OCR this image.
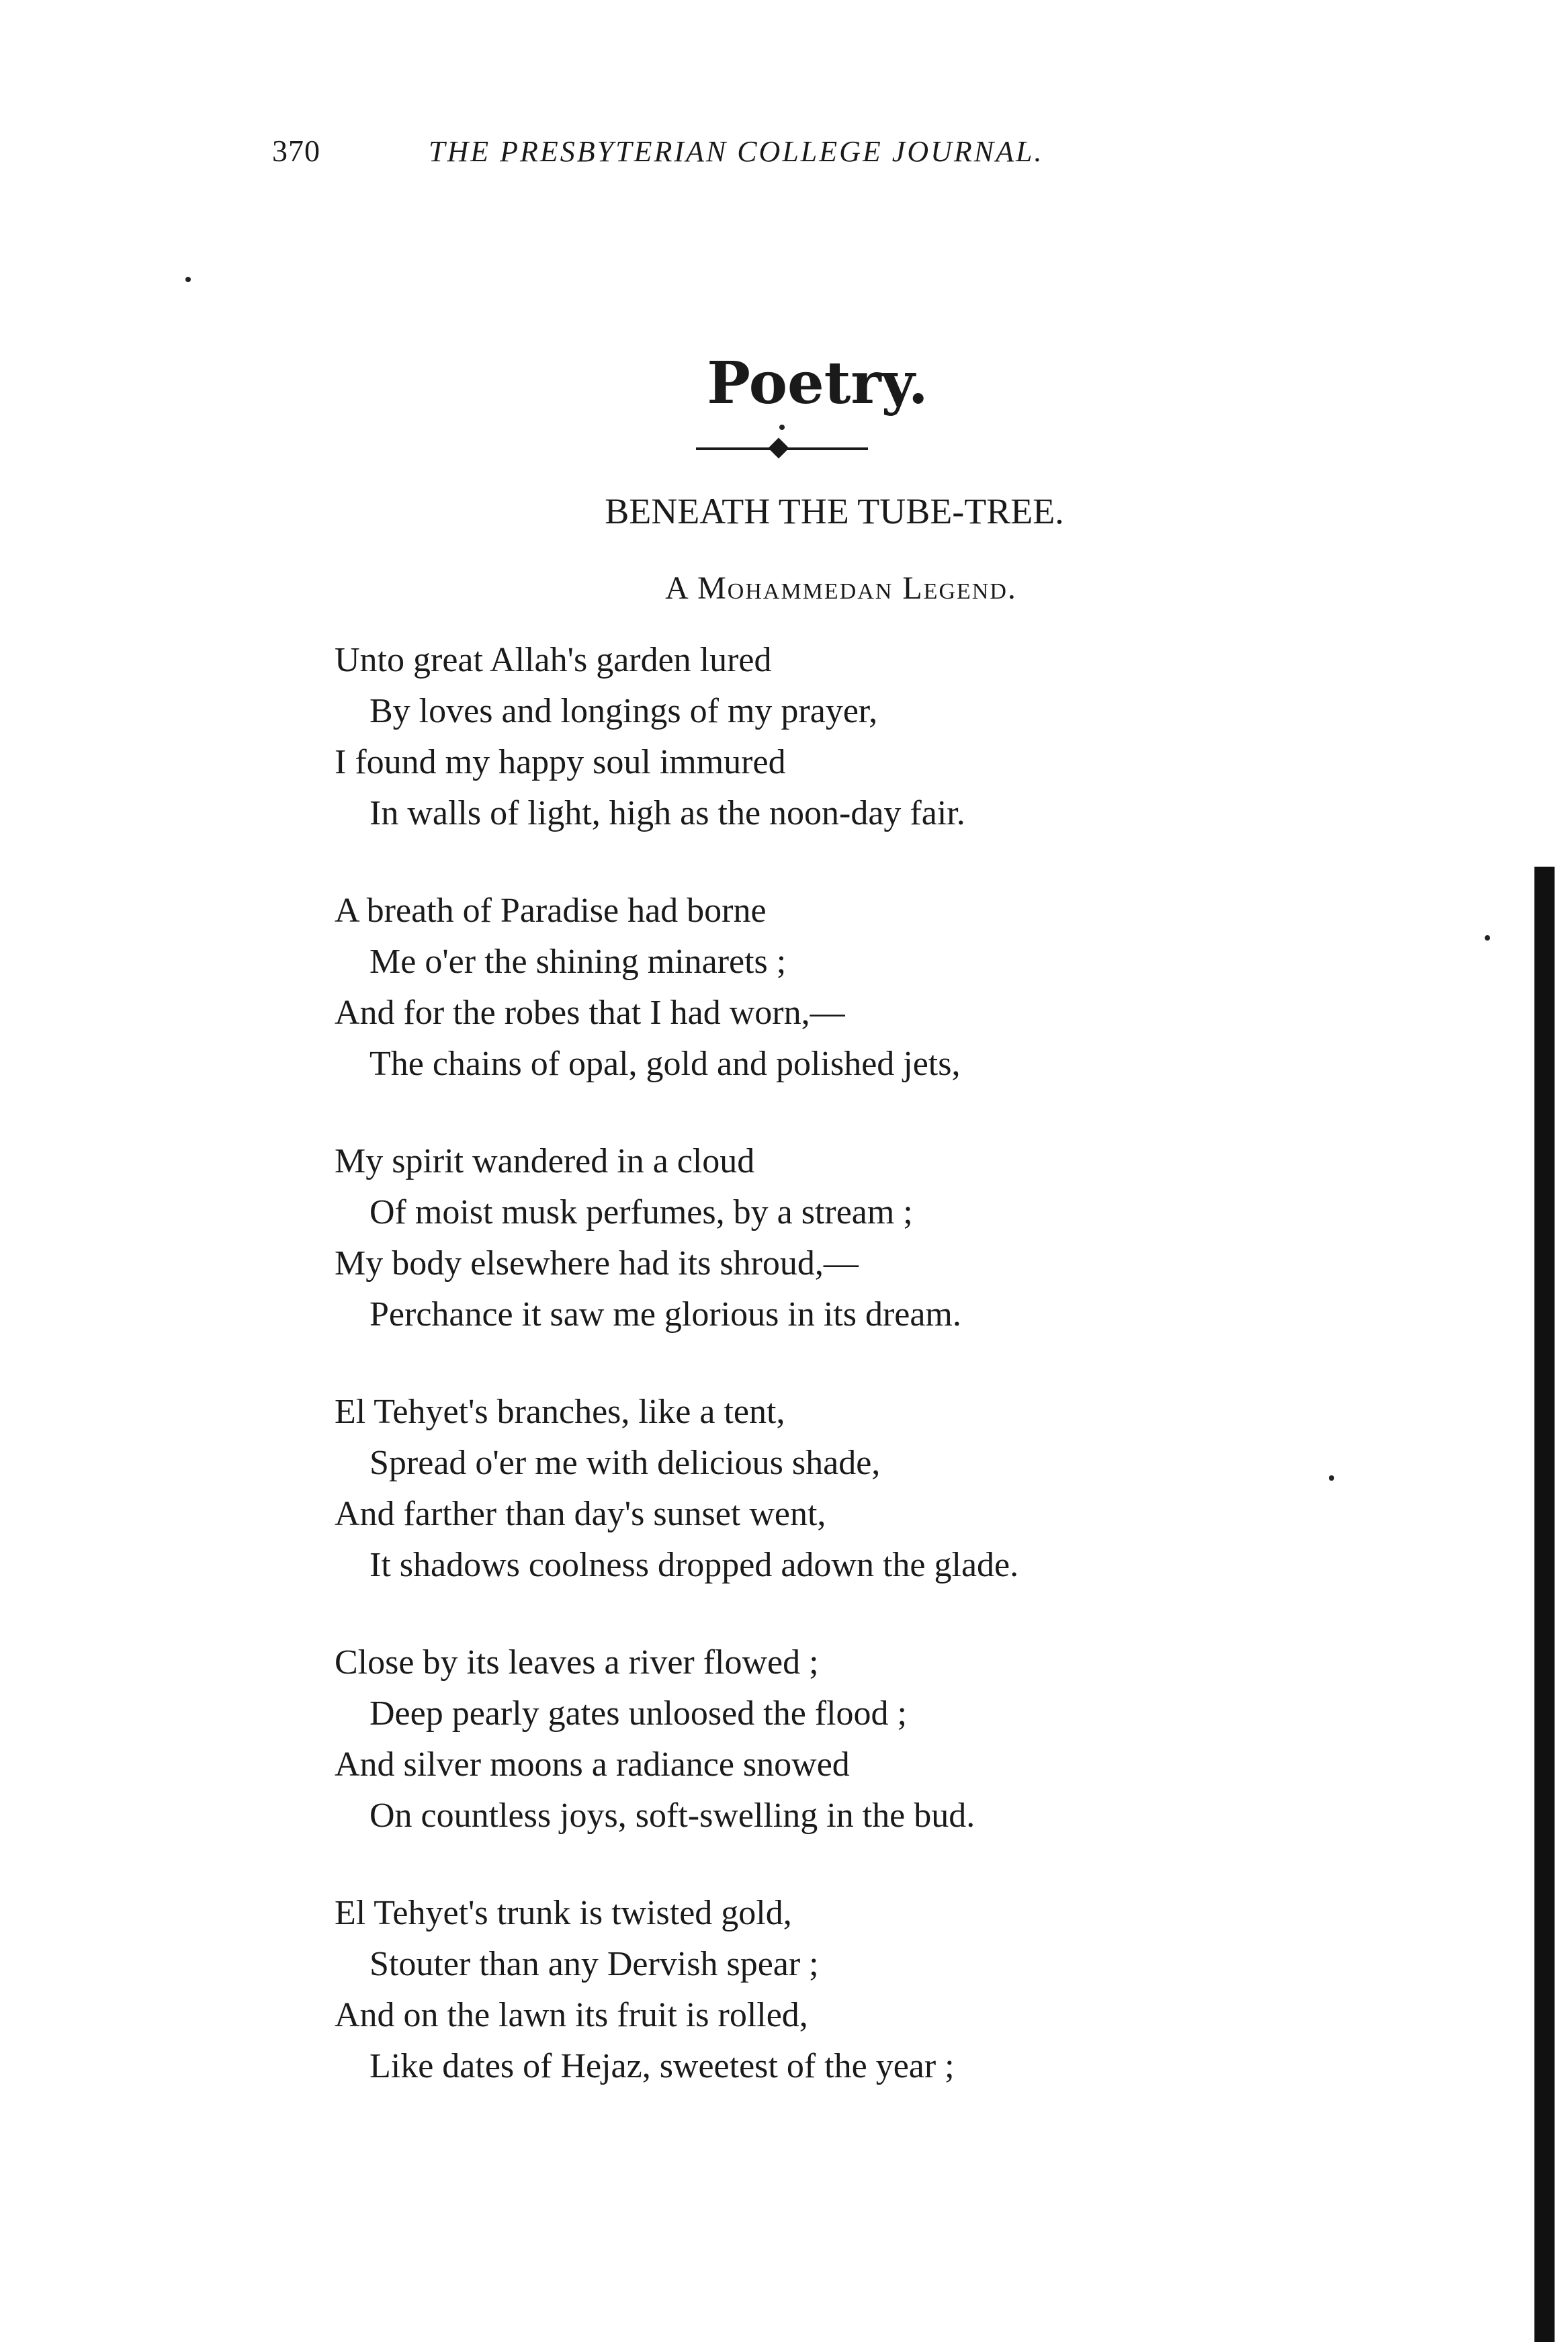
370	THE PRESBYTERIAN COLLEGE JOURNAL.
Poetry.
BENEATH THE TUBE-TREE.
A Mohammedan Legend.
Unto great Allah's garden lured
By loves and longings of my prayer,
I found my happy soul immured
In walls of light, high as the noon-day fair.
A breath of Paradise had borne
Me o'er the shining minarets ;
And for the robes that I had worn,—
The chains of opal, gold and polished jets,
My spirit wandered in a cloud
Of moist musk perfumes, by a stream ;
My body elsewhere had its shroud,—
Perchance it saw me glorious in its dream.
El Tehyet's branches, like a tent,
Spread o'er me with delicious shade,
And farther than day's sunset went,
It shadows coolness dropped adown the glade.
Close by its leaves a river flowed ;
Deep pearly gates unloosed the flood ;
And silver moons a radiance snowed
On countless joys, soft-swelling in the bud.
El Tehyet's trunk is twisted gold,
Stouter than any Dervish spear ;
And on the lawn its fruit is rolled,
Like dates of Hejaz, sweetest of the year ;
